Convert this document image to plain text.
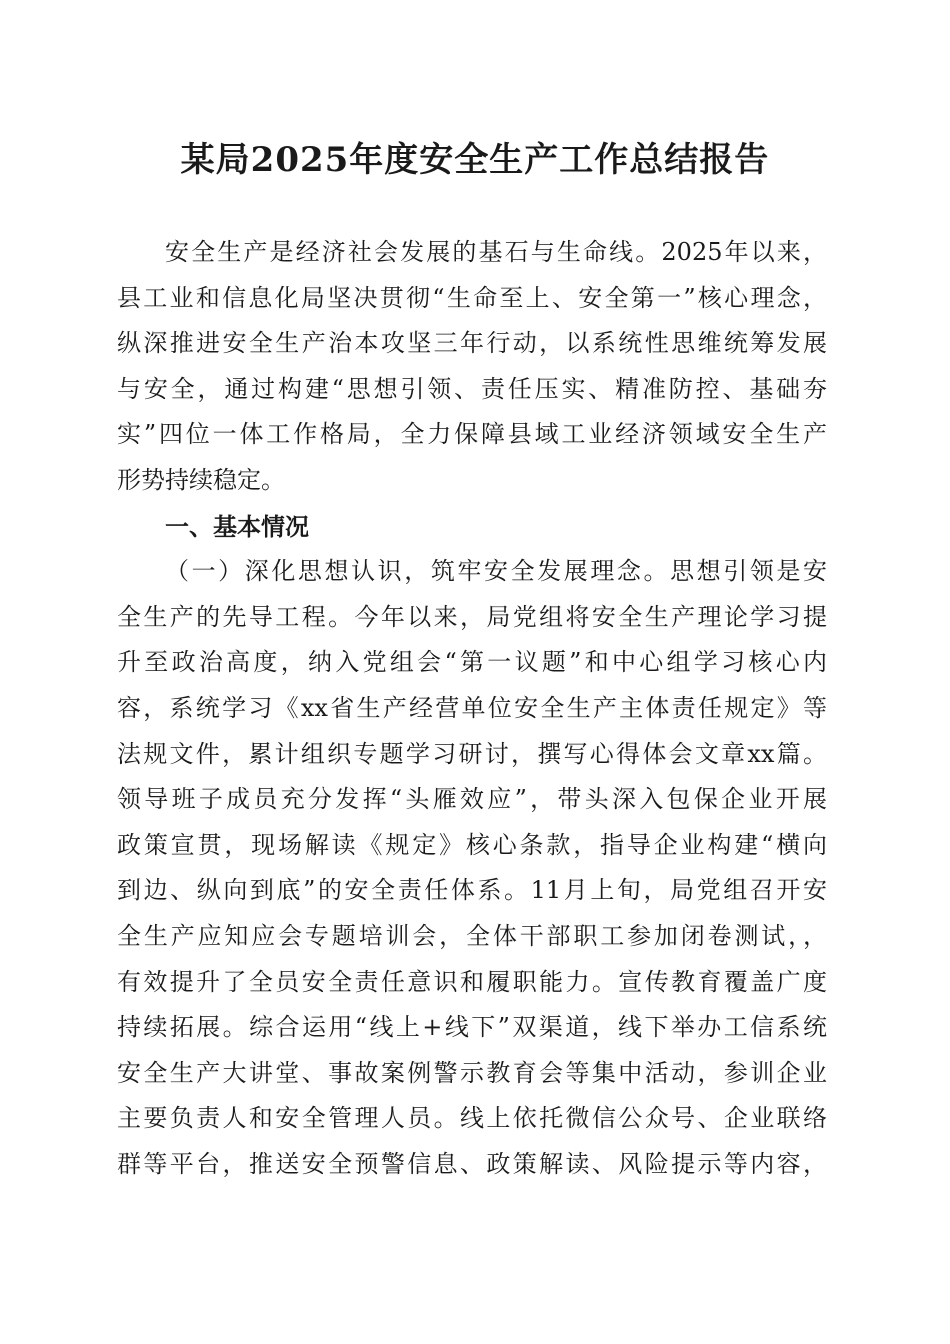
某局2025年度安全生产工作总结报告
安全生产是经济社会发展的基石与生命线。2025年以来，
县工业和信息化局坚决贯彻“生命至上、安全第一”核心理念，
纵深推进安全生产治本攻坚三年行动，以系统性思维统筹发展
与安全，通过构建“思想引领、责任压实、精准防控、基础夯
实”四位一体工作格局，全力保障县域工业经济领域安全生产
形势持续稳定。
一、基本情况
（一）深化思想认识，筑牢安全发展理念。思想引领是安
全生产的先导工程。今年以来，局党组将安全生产理论学习提
升至政治高度，纳入党组会“第一议题”和中心组学习核心内
容，系统学习《xx省生产经营单位安全生产主体责任规定》等
法规文件，累计组织专题学习研讨，撰写心得体会文章xx篇。
领导班子成员充分发挥“头雁效应”，带头深入包保企业开展
政策宣贯，现场解读《规定》核心条款，指导企业构建“横向
到边、纵向到底”的安全责任体系。11月上旬，局党组召开安
全生产应知应会专题培训会，全体干部职工参加闭卷测试，，
有效提升了全员安全责任意识和履职能力。宣传教育覆盖广度
持续拓展。综合运用“线上+线下”双渠道，线下举办工信系统
安全生产大讲堂、事故案例警示教育会等集中活动，参训企业
主要负责人和安全管理人员。线上依托微信公众号、企业联络
群等平台，推送安全预警信息、政策解读、风险提示等内容，
